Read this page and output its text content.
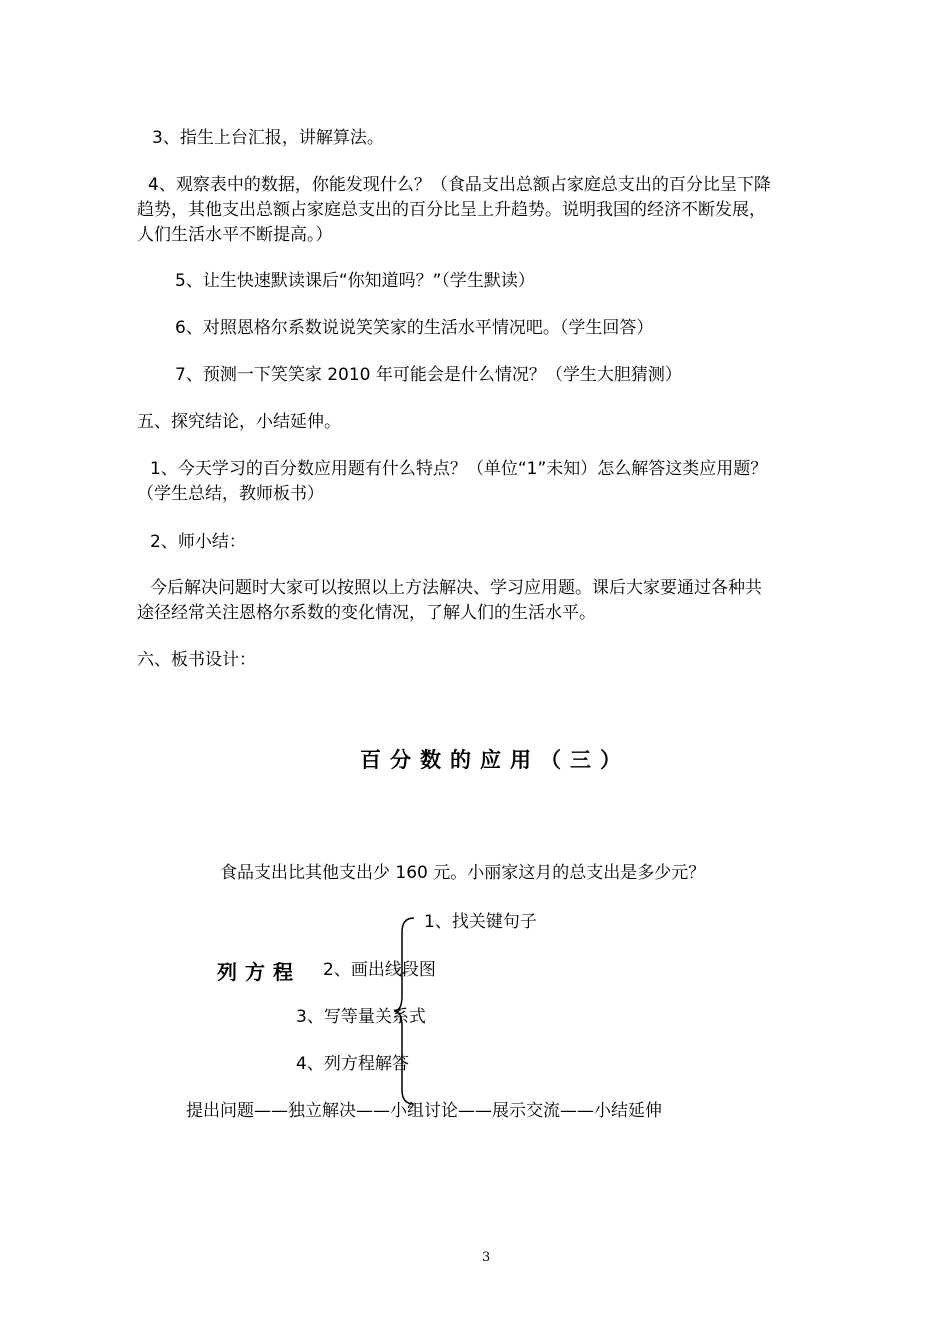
3、指生上台汇报，讲解算法。
4、观察表中的数据，你能发现什么？（食品支出总额占家庭总支出的百分比呈下降
趋势，其他支出总额占家庭总支出的百分比呈上升趋势。说明我国的经济不断发展，
人们生活水平不断提高。）
5、让生快速默读课后“你知道吗？”（学生默读）
6、对照恩格尔系数说说笑笑家的生活水平情况吧。（学生回答）
7、预测一下笑笑家 2010 年可能会是什么情况？（学生大胆猜测）
五、探究结论，小结延伸。
1、今天学习的百分数应用题有什么特点？（单位“1”未知）怎么解答这类应用题？
（学生总结，教师板书）
2、师小结：
今后解决问题时大家可以按照以上方法解决、学习应用题。课后大家要通过各种共
途径经常关注恩格尔系数的变化情况，了解人们的生活水平。
六、板书设计：
百分数的应用（三）
食品支出比其他支出少 160 元。小丽家这月的总支出是多少元？
1、找关键句子
列方程 2、画出线段图
3、写等量关系式
4、列方程解答
提出问题——独立解决——小组讨论——展示交流——小结延伸
3
